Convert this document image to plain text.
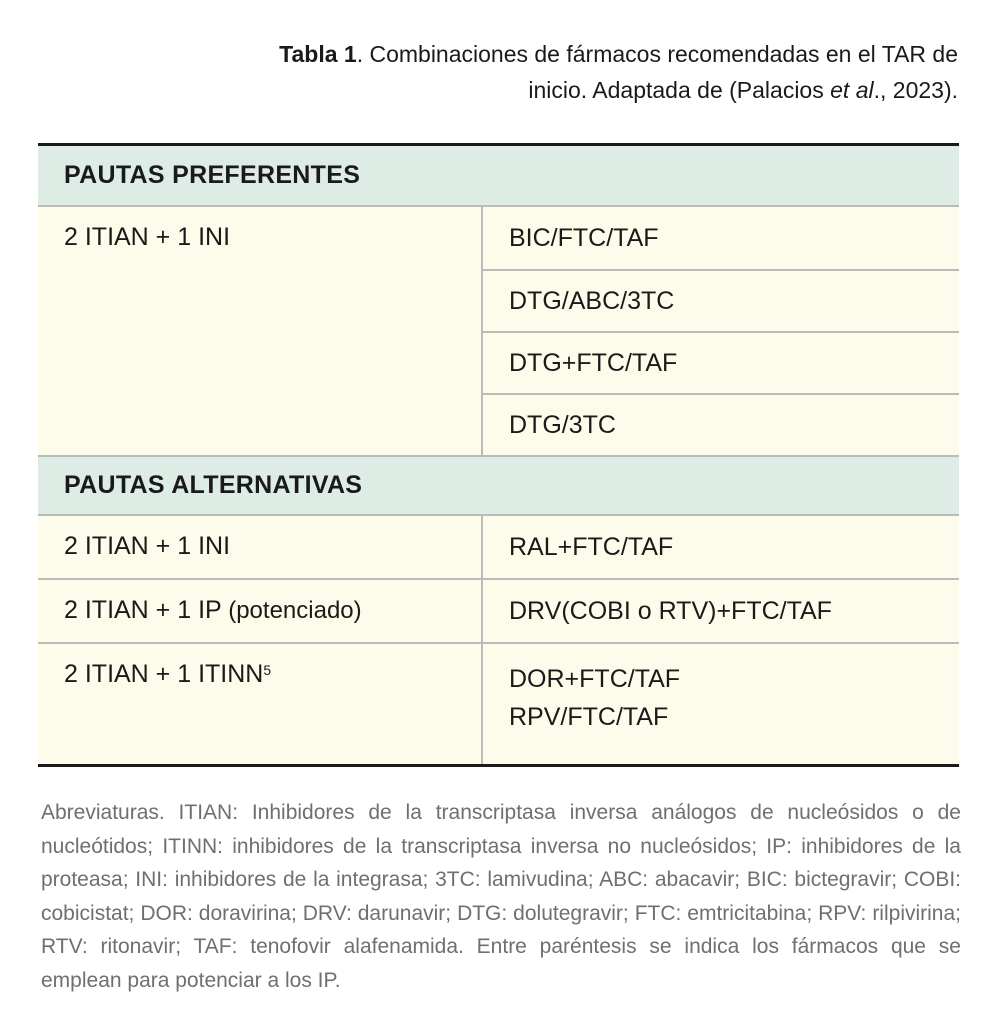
Tabla 1. Combinaciones de fármacos recomendadas en el TAR de inicio. Adaptada de (Palacios et al., 2023).
PAUTAS PREFERENTES
2 ITIAN + 1 INI	BIC/FTC/TAF
DTG/ABC/3TC
DTG+FTC/TAF
DTG/3TC
PAUTAS ALTERNATIVAS
2 ITIAN + 1 INI	RAL+FTC/TAF
2 ITIAN + 1 IP (potenciado)	DRV(COBI o RTV)+FTC/TAF
2 ITIAN + 1 ITINN$^5$	DOR+FTC/TAF
RPV/FTC/TAF
Abreviaturas. ITIAN: Inhibidores de la transcriptasa inversa análogos de nucleósidos o de nucleótidos; ITINN: inhibidores de la transcriptasa inversa no nucleósidos; IP: inhibidores de la proteasa; INI: inhibidores de la integrasa; 3TC: lamivudina; ABC: abacavir; BIC: bictegravir; COBI: cobicistat; DOR: doravirina; DRV: darunavir; DTG: dolutegravir; FTC: emtricitabina; RPV: rilpivirina; RTV: ritonavir; TAF: tenofovir alafenamida. Entre paréntesis se indica los fármacos que se emplean para potenciar a los IP.
